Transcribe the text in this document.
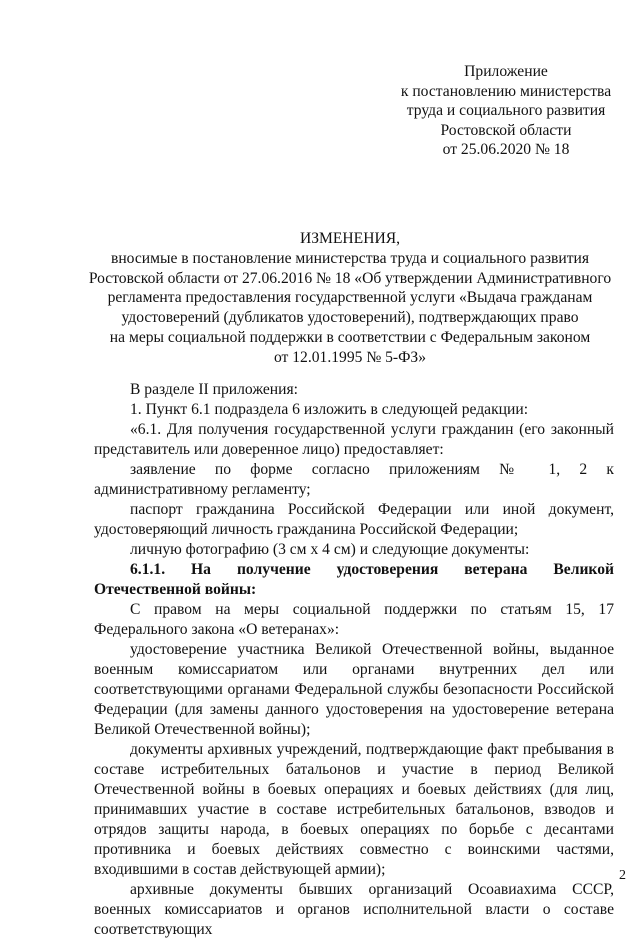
Приложение
к постановлению министерства
труда и социального развития
Ростовской области
от 25.06.2020 № 18
ИЗМЕНЕНИЯ,
вносимые в постановление министерства труда и социального развития
Ростовской области от 27.06.2016 № 18 «Об утверждении Административного
регламента предоставления государственной услуги «Выдача гражданам
удостоверений (дубликатов удостоверений), подтверждающих право
на меры социальной поддержки в соответствии с Федеральным законом
от 12.01.1995 № 5-ФЗ»

В разделе II приложения:

1. Пункт 6.1 подраздела 6 изложить в следующей редакции:

«6.1. Для получения государственной услуги гражданин (его законный представитель или доверенное лицо) предоставляет:

заявление по форме согласно приложениям № 1, 2 к административному регламенту;

паспорт гражданина Российской Федерации или иной документ, удостоверяющий личность гражданина Российской Федерации;

личную фотографию (3 см х 4 см) и следующие документы:

6.1.1. На получение удостоверения ветерана Великой Отечественной войны:

С правом на меры социальной поддержки по статьям 15, 17 Федерального закона «О ветеранах»:

удостоверение участника Великой Отечественной войны, выданное военным комиссариатом или органами внутренних дел или соответствующими органами Федеральной службы безопасности Российской Федерации (для замены данного удостоверения на удостоверение ветерана Великой Отечественной войны);

документы архивных учреждений, подтверждающие факт пребывания в составе истребительных батальонов и участие в период Великой Отечественной войны в боевых операциях и боевых действиях (для лиц, принимавших участие в составе истребительных батальонов, взводов и отрядов защиты народа, в боевых операциях по борьбе с десантами противника и боевых действиях совместно с воинскими частями, входившими в состав действующей армии);

архивные документы бывших организаций Осоавиахима СССР, военных комиссариатов и органов исполнительной власти о составе соответствующих

2
